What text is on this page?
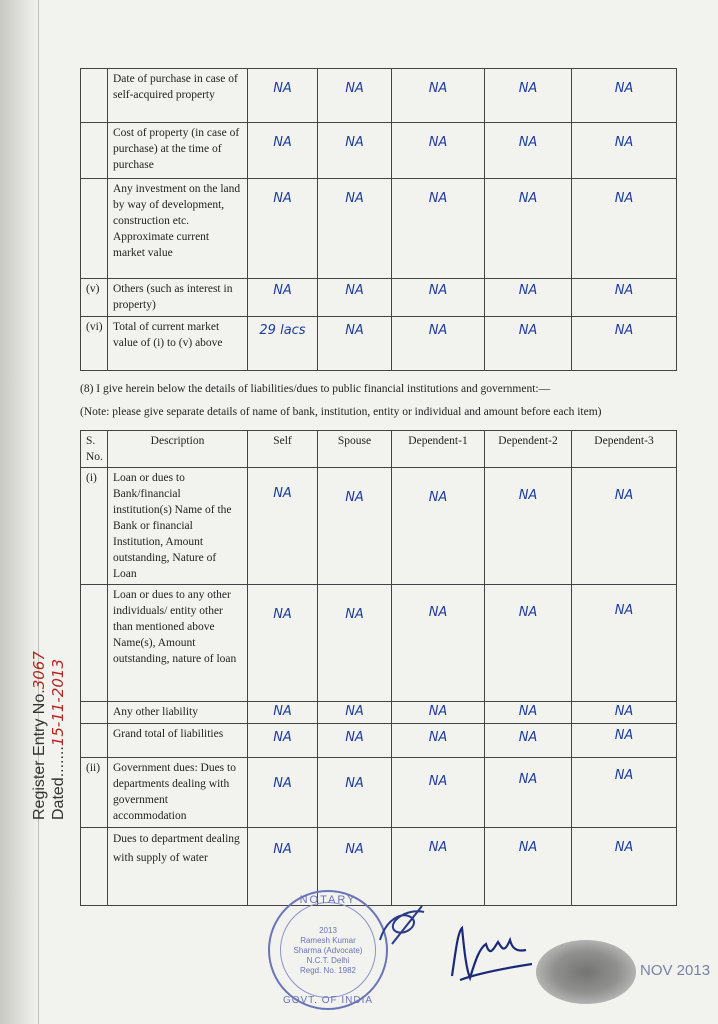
	Date of purchase in case of self-acquired property	NA	NA	NA	NA	NA
	Cost of property (in case of purchase) at the time of purchase	NA	NA	NA	NA	NA
	Any investment on the land by way of development, construction etc. Approximate current market value	NA	NA	NA	NA	NA
(v)	Others (such as interest in property)	NA	NA	NA	NA	NA
(vi)	Total of current market value of (i) to (v) above	29 lacs	NA	NA	NA	NA
(8) I give herein below the details of liabilities/dues to public financial institutions and government:—
(Note: please give separate details of name of bank, institution, entity or individual and amount before each item)
S. No.	Description	Self	Spouse	Dependent-1	Dependent-2	Dependent-3
(i)	Loan or dues to Bank/financial institution(s) Name of the Bank or financial Institution, Amount outstanding, Nature of Loan	NA	NA	NA	NA	NA
	Loan or dues to any other individuals/ entity other than mentioned above Name(s), Amount outstanding, nature of loan	NA	NA	NA	NA	NA
	Any other liability	NA	NA	NA	NA	NA
	Grand total of liabilities	NA	NA	NA	NA	NA
(ii)	Government dues: Dues to departments dealing with government accommodation	NA	NA	NA	NA	NA
	Dues to department dealing with supply of water	NA	NA	NA	NA	NA
Register Entry No.3067
Dated.......15-11-2013
NOTARY
2013
Ramesh Kumar Sharma (Advocate)
N.C.T. Delhi
Regd. No. 1982
GOVT. OF INDIA
NOV 2013
